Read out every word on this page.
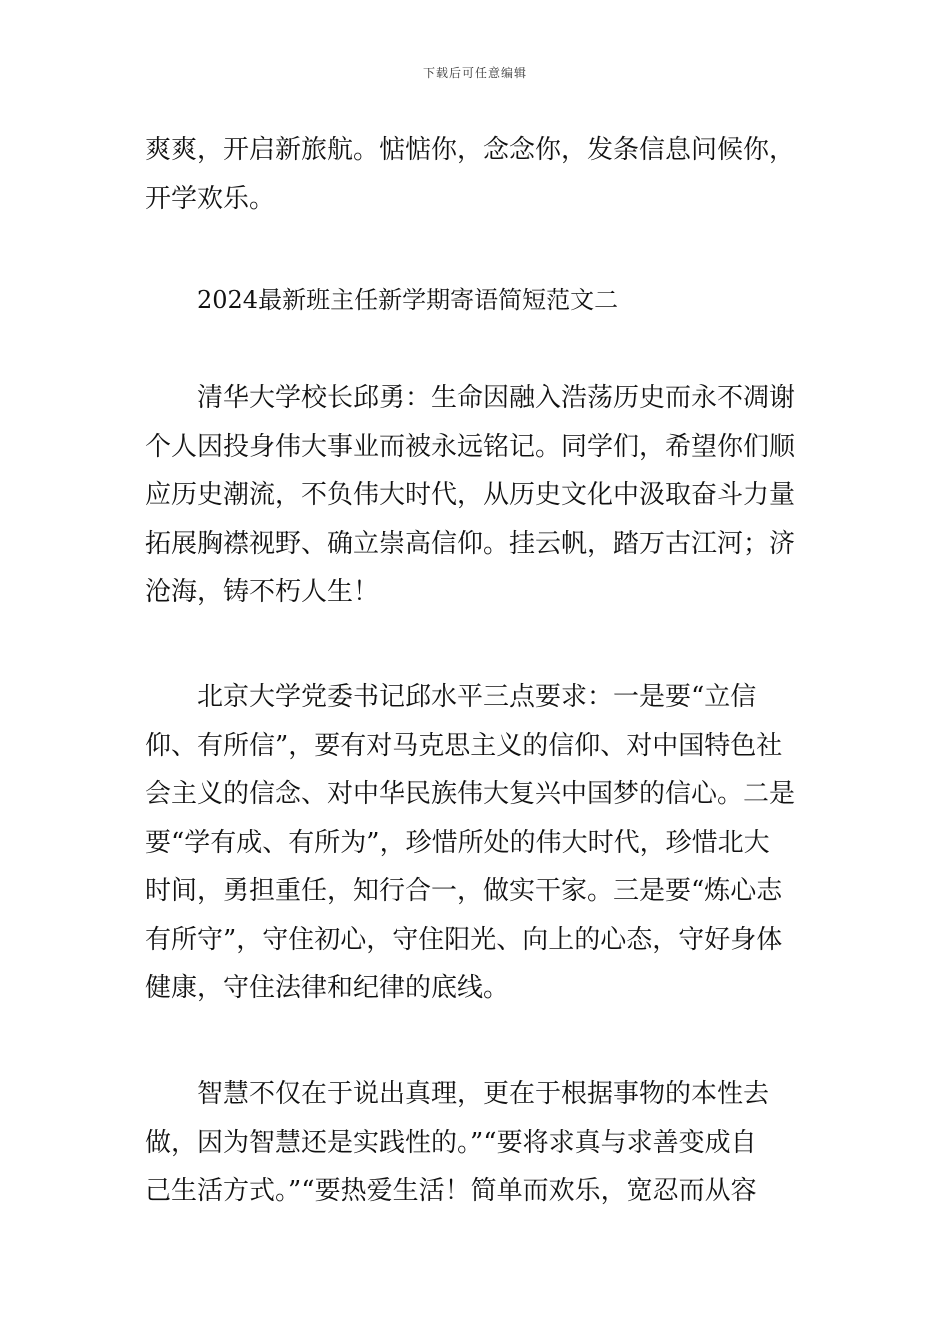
下载后可任意编辑
爽爽，开启新旅航。惦惦你，念念你，发条信息问候你，
开学欢乐。
2024最新班主任新学期寄语简短范文二
　　清华大学校长邱勇：生命因融入浩荡历史而永不凋谢
个人因投身伟大事业而被永远铭记。同学们，希望你们顺
应历史潮流，不负伟大时代，从历史文化中汲取奋斗力量
拓展胸襟视野、确立崇高信仰。挂云帆，踏万古江河；济
沧海，铸不朽人生！
　　北京大学党委书记邱水平三点要求：一是要“立信
仰、有所信”，要有对马克思主义的信仰、对中国特色社
会主义的信念、对中华民族伟大复兴中国梦的信心。二是
要“学有成、有所为”，珍惜所处的伟大时代，珍惜北大
时间，勇担重任，知行合一，做实干家。三是要“炼心志
有所守”，守住初心，守住阳光、向上的心态，守好身体
健康，守住法律和纪律的底线。
　　智慧不仅在于说出真理，更在于根据事物的本性去
做，因为智慧还是实践性的。”“要将求真与求善变成自
己生活方式。”“要热爱生活！简单而欢乐，宽忍而从容
